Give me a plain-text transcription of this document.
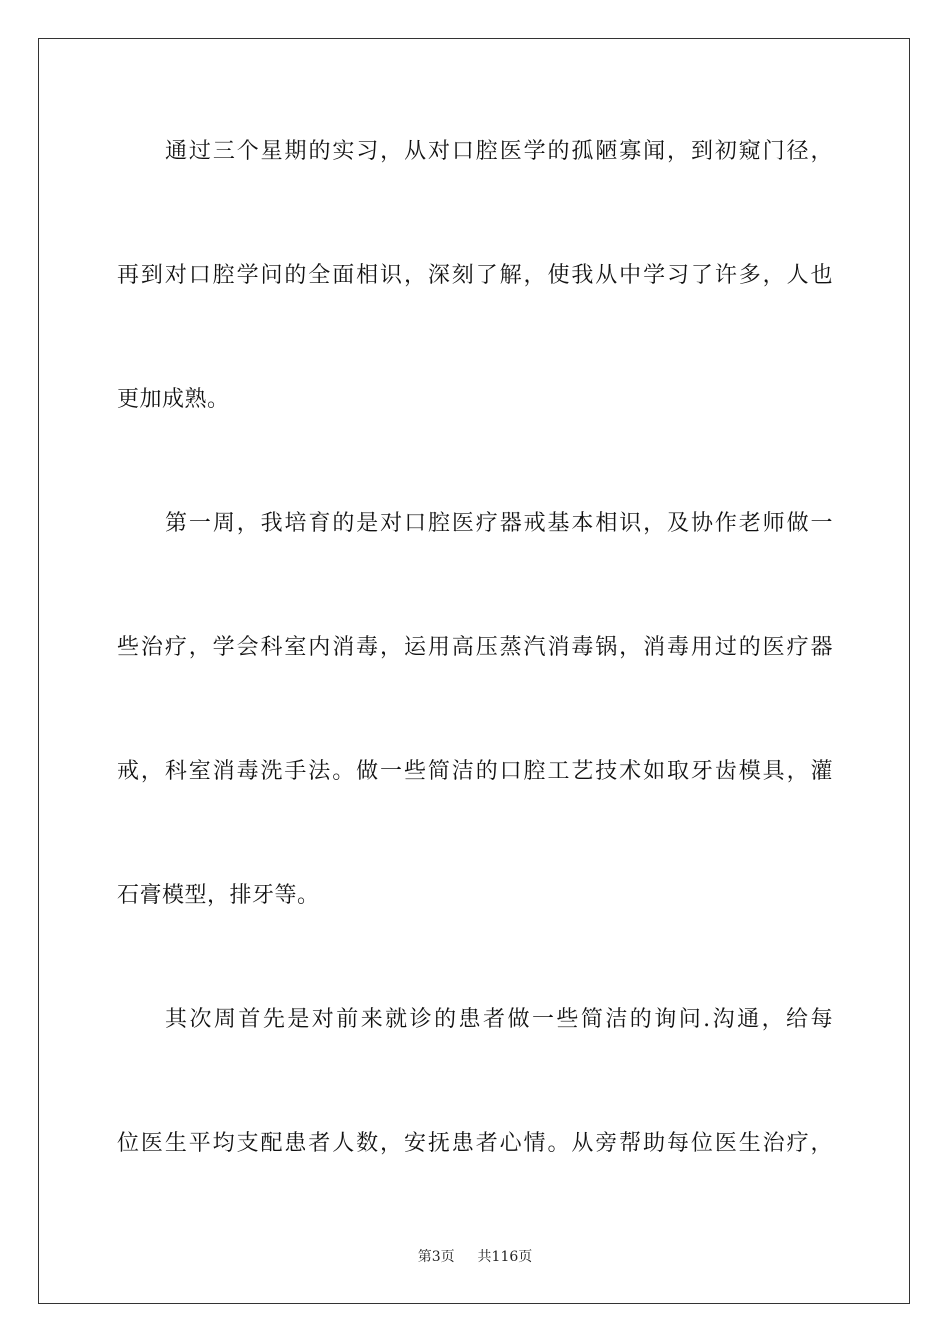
通过三个星期的实习，从对口腔医学的孤陋寡闻，到初窥门径，
再到对口腔学问的全面相识，深刻了解，使我从中学习了许多，人也
更加成熟。
第一周，我培育的是对口腔医疗器戒基本相识，及协作老师做一
些治疗，学会科室内消毒，运用高压蒸汽消毒锅，消毒用过的医疗器
戒，科室消毒洗手法。做一些简洁的口腔工艺技术如取牙齿模具，灌
石膏模型，排牙等。
其次周首先是对前来就诊的患者做一些简洁的询问.沟通，给每
位医生平均支配患者人数，安抚患者心情。从旁帮助每位医生治疗，
第3页 共116页
